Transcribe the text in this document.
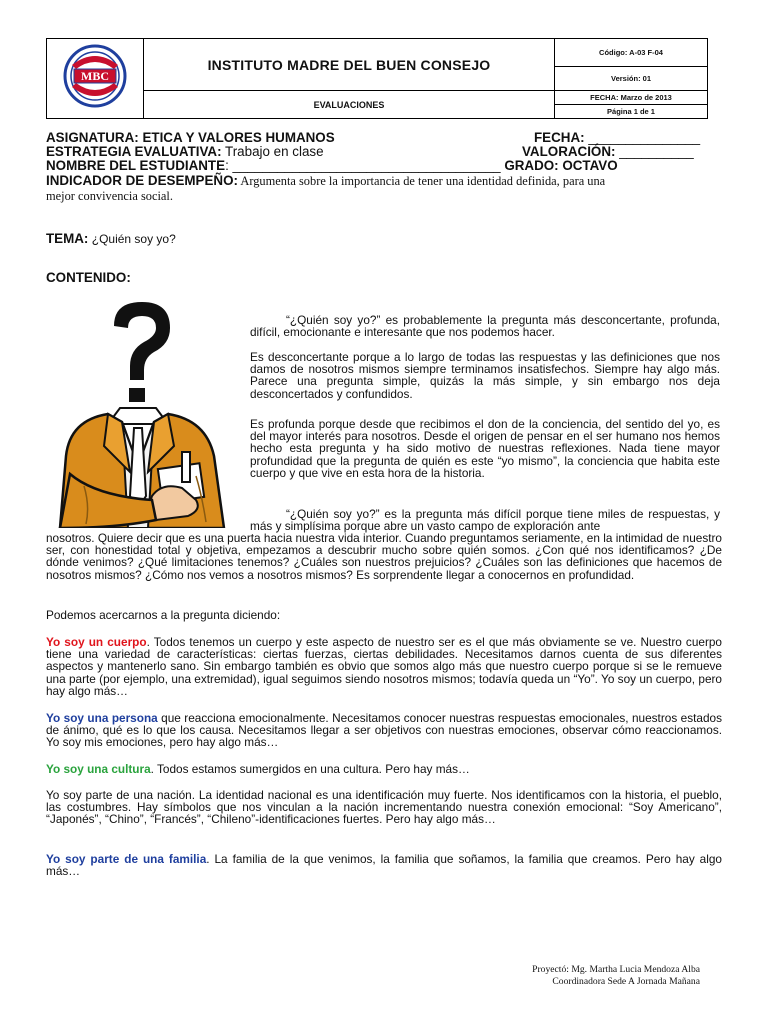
MBC	INSTITUTO MADRE DEL BUEN CONSEJO	Código: A-03 F-04
		Versión: 01
	EVALUACIONES	FECHA: Marzo de 2013
Página 1 de 1
ASIGNATURA: ETICA Y VALORES HUMANOS	FECHA: _______________
ESTRATEGIA EVALUATIVA: Trabajo en clase	VALORACIÓN: __________
NOMBRE DEL ESTUDIANTE: ____________________________________ GRADO: OCTAVO
INDICADOR DE DESEMPEÑO: Argumenta sobre la importancia de tener una identidad definida, para una
mejor convivencia social.
TEMA: ¿Quién soy yo?
CONTENIDO:

“¿Quién soy yo?” es probablemente la pregunta más desconcertante, profunda, difícil, emocionante e interesante que nos podemos hacer.

Es desconcertante porque a lo largo de todas las respuestas y las definiciones que nos damos de nosotros mismos siempre terminamos insatisfechos. Siempre hay algo más. Parece una pregunta simple, quizás la más simple, y sin embargo nos deja desconcertados y confundidos.

Es profunda porque desde que recibimos el don de la conciencia, del sentido del yo, es del mayor interés para nosotros. Desde el origen de pensar en el ser humano nos hemos hecho esta pregunta y ha sido motivo de nuestras reflexiones. Nada tiene mayor profundidad que la pregunta de quién es este “yo mismo”, la conciencia que habita este cuerpo y que vive en esta hora de la historia.

“¿Quién soy yo?” es la pregunta más difícil porque tiene miles de respuestas, y más y simplísima porque abre un vasto campo de exploración ante

nosotros. Quiere decir que es una puerta hacia nuestra vida interior. Cuando preguntamos seriamente, en la intimidad de nuestro ser, con honestidad total y objetiva, empezamos a descubrir mucho sobre quién somos. ¿Con qué nos identificamos? ¿De dónde venimos? ¿Qué limitaciones tenemos? ¿Cuáles son nuestros prejuicios? ¿Cuáles son las definiciones que hacemos de nosotros mismos? ¿Cómo nos vemos a nosotros mismos? Es sorprendente llegar a conocernos en profundidad.

Podemos acercarnos a la pregunta diciendo:

Yo soy un cuerpo. Todos tenemos un cuerpo y este aspecto de nuestro ser es el que más obviamente se ve. Nuestro cuerpo tiene una variedad de características: ciertas fuerzas, ciertas debilidades. Necesitamos darnos cuenta de sus diferentes aspectos y mantenerlo sano. Sin embargo también es obvio que somos algo más que nuestro cuerpo porque si se le remueve una parte (por ejemplo, una extremidad), igual seguimos siendo nosotros mismos; todavía queda un “Yo”. Yo soy un cuerpo, pero hay algo más…

Yo soy una persona que reacciona emocionalmente. Necesitamos conocer nuestras respuestas emocionales, nuestros estados de ánimo, qué es lo que los causa. Necesitamos llegar a ser objetivos con nuestras emociones, observar cómo reaccionamos. Yo soy mis emociones, pero hay algo más…

Yo soy una cultura. Todos estamos sumergidos en una cultura. Pero hay más…

Yo soy parte de una nación. La identidad nacional es una identificación muy fuerte. Nos identificamos con la historia, el pueblo, las costumbres. Hay símbolos que nos vinculan a la nación incrementando nuestra conexión emocional: “Soy Americano”, “Japonés”, “Chino”, “Francés”, “Chileno”-identificaciones fuertes. Pero hay algo más…

Yo soy parte de una familia. La familia de la que venimos, la familia que soñamos, la familia que creamos. Pero hay algo más…

Proyectó: Mg. Martha Lucia Mendoza Alba
Coordinadora Sede A Jornada Mañana
